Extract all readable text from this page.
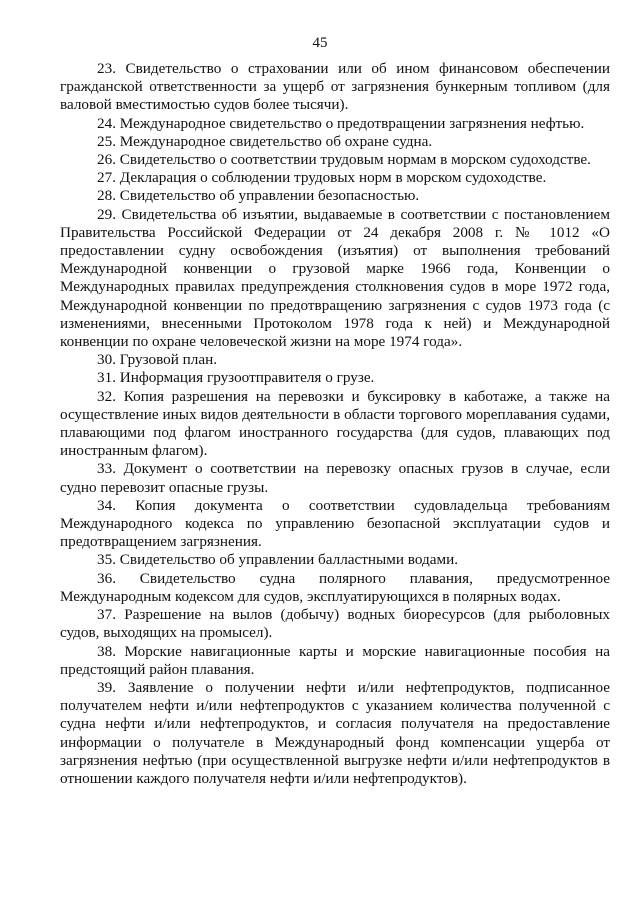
45

23. Свидетельство о страховании или об ином финансовом обеспечении гражданской ответственности за ущерб от загрязнения бункерным топливом (для валовой вместимостью судов более тысячи).

24. Международное свидетельство о предотвращении загрязнения нефтью.

25. Международное свидетельство об охране судна.

26. Свидетельство о соответствии трудовым нормам в морском судоходстве.

27. Декларация о соблюдении трудовых норм в морском судоходстве.

28. Свидетельство об управлении безопасностью.

29. Свидетельства об изъятии, выдаваемые в соответствии с постановлением Правительства Российской Федерации от 24 декабря 2008 г. № 1012 «О предоставлении судну освобождения (изъятия) от выполнения требований Международной конвенции о грузовой марке 1966 года, Конвенции о Международных правилах предупреждения столкновения судов в море 1972 года, Международной конвенции по предотвращению загрязнения с судов 1973 года (с изменениями, внесенными Протоколом 1978 года к ней) и Международной конвенции по охране человеческой жизни на море 1974 года».

30. Грузовой план.

31. Информация грузоотправителя о грузе.

32. Копия разрешения на перевозки и буксировку в каботаже, а также на осуществление иных видов деятельности в области торгового мореплавания судами, плавающими под флагом иностранного государства (для судов, плавающих под иностранным флагом).

33. Документ о соответствии на перевозку опасных грузов в случае, если судно перевозит опасные грузы.

34. Копия документа о соответствии судовладельца требованиям Международного кодекса по управлению безопасной эксплуатации судов и предотвращением загрязнения.

35. Свидетельство об управлении балластными водами.

36. Свидетельство судна полярного плавания, предусмотренное Международным кодексом для судов, эксплуатирующихся в полярных водах.

37. Разрешение на вылов (добычу) водных биоресурсов (для рыболовных судов, выходящих на промысел).

38. Морские навигационные карты и морские навигационные пособия на предстоящий район плавания.

39. Заявление о получении нефти и/или нефтепродуктов, подписанное получателем нефти и/или нефтепродуктов с указанием количества полученной с судна нефти и/или нефтепродуктов, и согласия получателя на предоставление информации о получателе в Международный фонд компенсации ущерба от загрязнения нефтью (при осуществленной выгрузке нефти и/или нефтепродуктов в отношении каждого получателя нефти и/или нефтепродуктов).
